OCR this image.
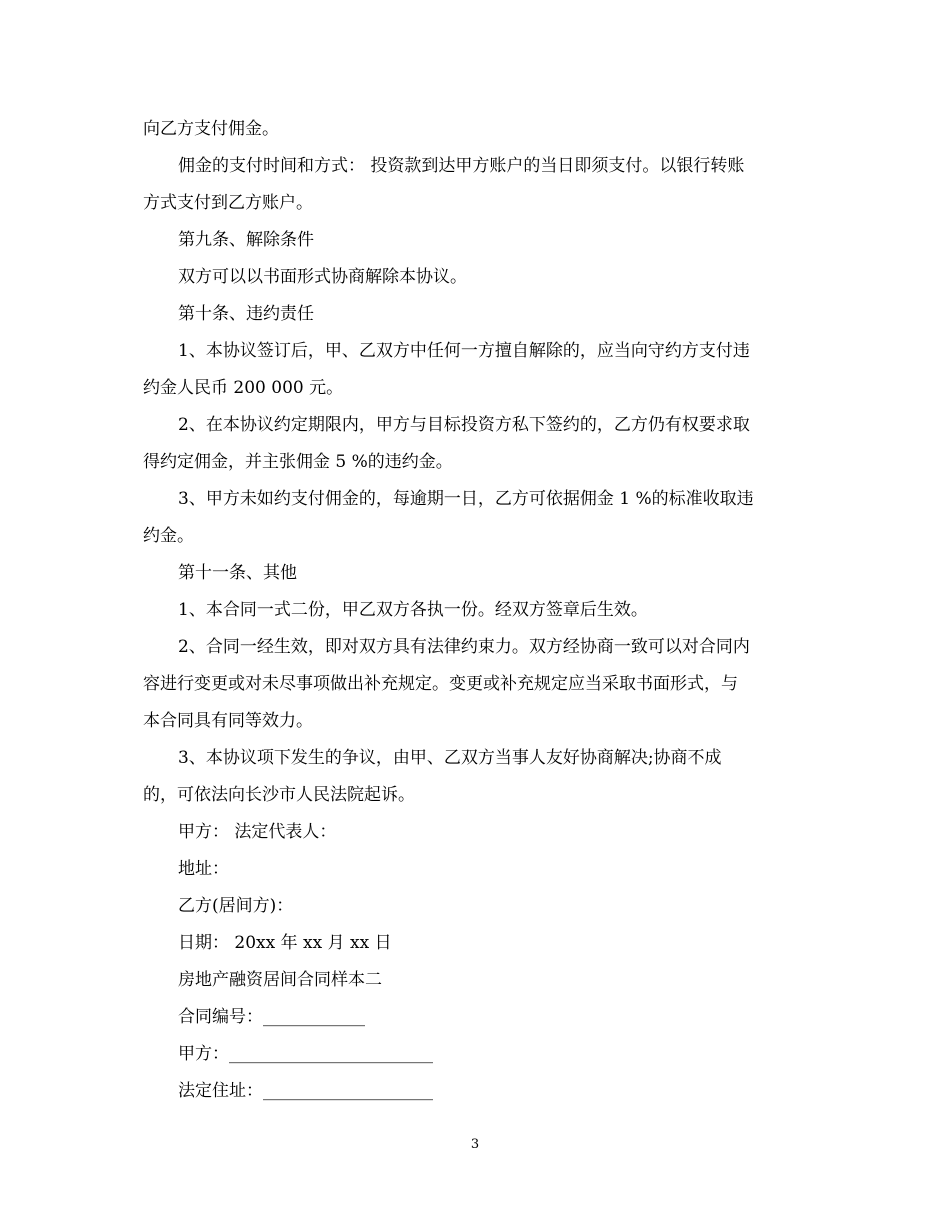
向乙方支付佣金。

佣金的支付时间和方式： 投资款到达甲方账户的当日即须支付。以银行转账

方式支付到乙方账户。

第九条、解除条件

双方可以以书面形式协商解除本协议。

第十条、违约责任

1、本协议签订后，甲、乙双方中任何一方擅自解除的，应当向守约方支付违

约金人民币 200 000 元。

2、在本协议约定期限内，甲方与目标投资方私下签约的，乙方仍有权要求取

得约定佣金，并主张佣金 5 %的违约金。

3、甲方未如约支付佣金的，每逾期一日，乙方可依据佣金 1 %的标准收取违

约金。

第十一条、其他

1、本合同一式二份，甲乙双方各执一份。经双方签章后生效。

2、合同一经生效，即对双方具有法律约束力。双方经协商一致可以对合同内

容进行变更或对未尽事项做出补充规定。变更或补充规定应当采取书面形式，与

本合同具有同等效力。

3、本协议项下发生的争议，由甲、乙双方当事人友好协商解决;协商不成

的，可依法向长沙市人民法院起诉。

甲方： 法定代表人：

地址：

乙方(居间方)：

日期： 20xx 年 xx 月 xx 日

房地产融资居间合同样本二

合同编号：____________

甲方：________________________

法定住址：____________________

3
